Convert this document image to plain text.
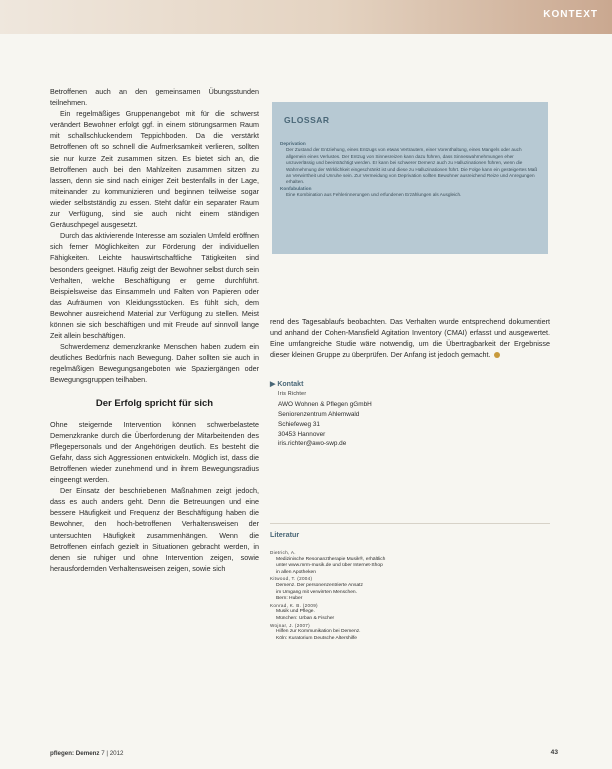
KONTEXT

Betroffenen auch an den gemeinsamen Übungsstunden teilnehmen.

Ein regelmäßiges Gruppenangebot mit für die schwerst verändert Bewohner erfolgt ggf. in einem störungsarmen Raum mit schallschluckendem Teppichboden. Da die verstärkt Betroffenen oft so schnell die Aufmerksamkeit verlieren, sollten sie nur kurze Zeit zusammen sitzen. Es bietet sich an, die Betroffenen auch bei den Mahlzeiten zusammen sitzen zu lassen, denn sie sind nach einiger Zeit bestenfalls in der Lage, miteinander zu kommunizieren und beginnen teilweise sogar wieder selbstständig zu essen. Steht dafür ein separater Raum zur Verfügung, sind sie auch nicht einem ständigen Geräuschpegel ausgesetzt.

Durch das aktivierende Interesse am sozialen Umfeld eröffnen sich ferner Möglichkeiten zur Förderung der individuellen Fähigkeiten. Leichte hauswirtschaftliche Tätigkeiten sind besonders geeignet. Häufig zeigt der Bewohner selbst durch sein Verhalten, welche Beschäftigung er gerne durchführt. Beispielsweise das Einsammeln und Falten von Papieren oder das Aufräumen von Kleidungsstücken. Es fühlt sich, dem Bewohner ausreichend Material zur Verfügung zu stellen. Meist können sie sich beschäftigen und mit Freude auf sinnvoll lange Zeit allein beschäftigen.

Schwerdemenz demenzkranke Menschen haben zudem ein deutliches Bedürfnis nach Bewegung. Daher sollten sie auch in regelmäßigen Bewegungsangeboten wie Spaziergängen oder Bewegungsgruppen teilhaben.

Der Erfolg spricht für sich

Ohne steigernde Intervention können schwerbelastete Demenzkranke durch die Überforderung der Mitarbeitenden des Pflegepersonals und der Angehörigen deutlich. Es besteht die Gefahr, dass sich Aggressionen entwickeln. Möglich ist, dass die Betroffenen wieder zunehmend und in ihrem Bewegungsradius eingeengt werden.

Der Einsatz der beschriebenen Maßnahmen zeigt jedoch, dass es auch anders geht. Denn die Betreuungen und eine bessere Häufigkeit und Frequenz der Beschäftigung haben die Bewohner, den hoch-betroffenen Verhaltensweisen der untersuchten Häufigkeit zusammenhängen. Wenn die Betroffenen einfach gezielt in Situationen gebracht werden, in denen sie ruhiger und ohne Intervention zeigen, sowie herausfordernden Verhaltensweisen zeigen, sowie sich

GLOSSAR
Deprivation
Der Zustand der Entziehung, eines Entzugs von etwas Vertrautem, einer Vorenthaltung, eines Mangels oder auch allgemein eines Verlustes. Der Entzug von Sinnesreizen kann dazu führen, dass Sinneswahrnehmungen eher unzuverlässig und beeinträchtigt werden. Er kann bei schwerer Demenz auch zu Halluzinationen führen, wenn die Wahrnehmung der Wirklichkeit eingeschränkt ist und diese zu Halluzinationen führt. Die Folge kann ein gesteigertes Maß an Verwirrtheit und Unruhe sein. Zur Vermeidung von Deprivation sollten Bewohner ausreichend Reize und Anregungen erhalten.
Konfabulation
Eine Kombination aus Fehlerinnerungen und erfundenen Erzählungen als Ausgleich.

rend des Tagesablaufs beobachten. Das Verhalten wurde entsprechend dokumentiert und anhand der Cohen-Mansfield Agitation Inventory (CMAI) erfasst und ausgewertet. Eine umfangreiche Studie wäre notwendig, um die Übertragbarkeit der Ergebnisse dieser kleinen Gruppe zu überprüfen. Der Anfang ist jedoch gemacht.

▶ Kontakt
Iris Richter
AWO Wohnen & Pflegen gGmbH
Seniorenzentrum Ahlemwald
Schiefeweg 31
30453 Hannover
iris.richter@awo-swp.de
Literatur
Dietrich, A.
Medizinische Resonanztherapie Musik®, erhältlich
unter www.mrm-musik.de und über Internet-Shop
in allen Apotheken
Kitwood, T. (2004)
Demenz. Der personenzentrierte Ansatz
im Umgang mit verwirrten Menschen.
Bern: Huber
Konrad, K. B. (2009)
Musik und Pflege.
München: Urban & Fischer
Wojnar, J. (2007)
Hilfen zur Kommunikation bei Demenz.
Köln: Kuratorium Deutsche Altershilfe
pflegen: Demenz 7 | 2012	43
